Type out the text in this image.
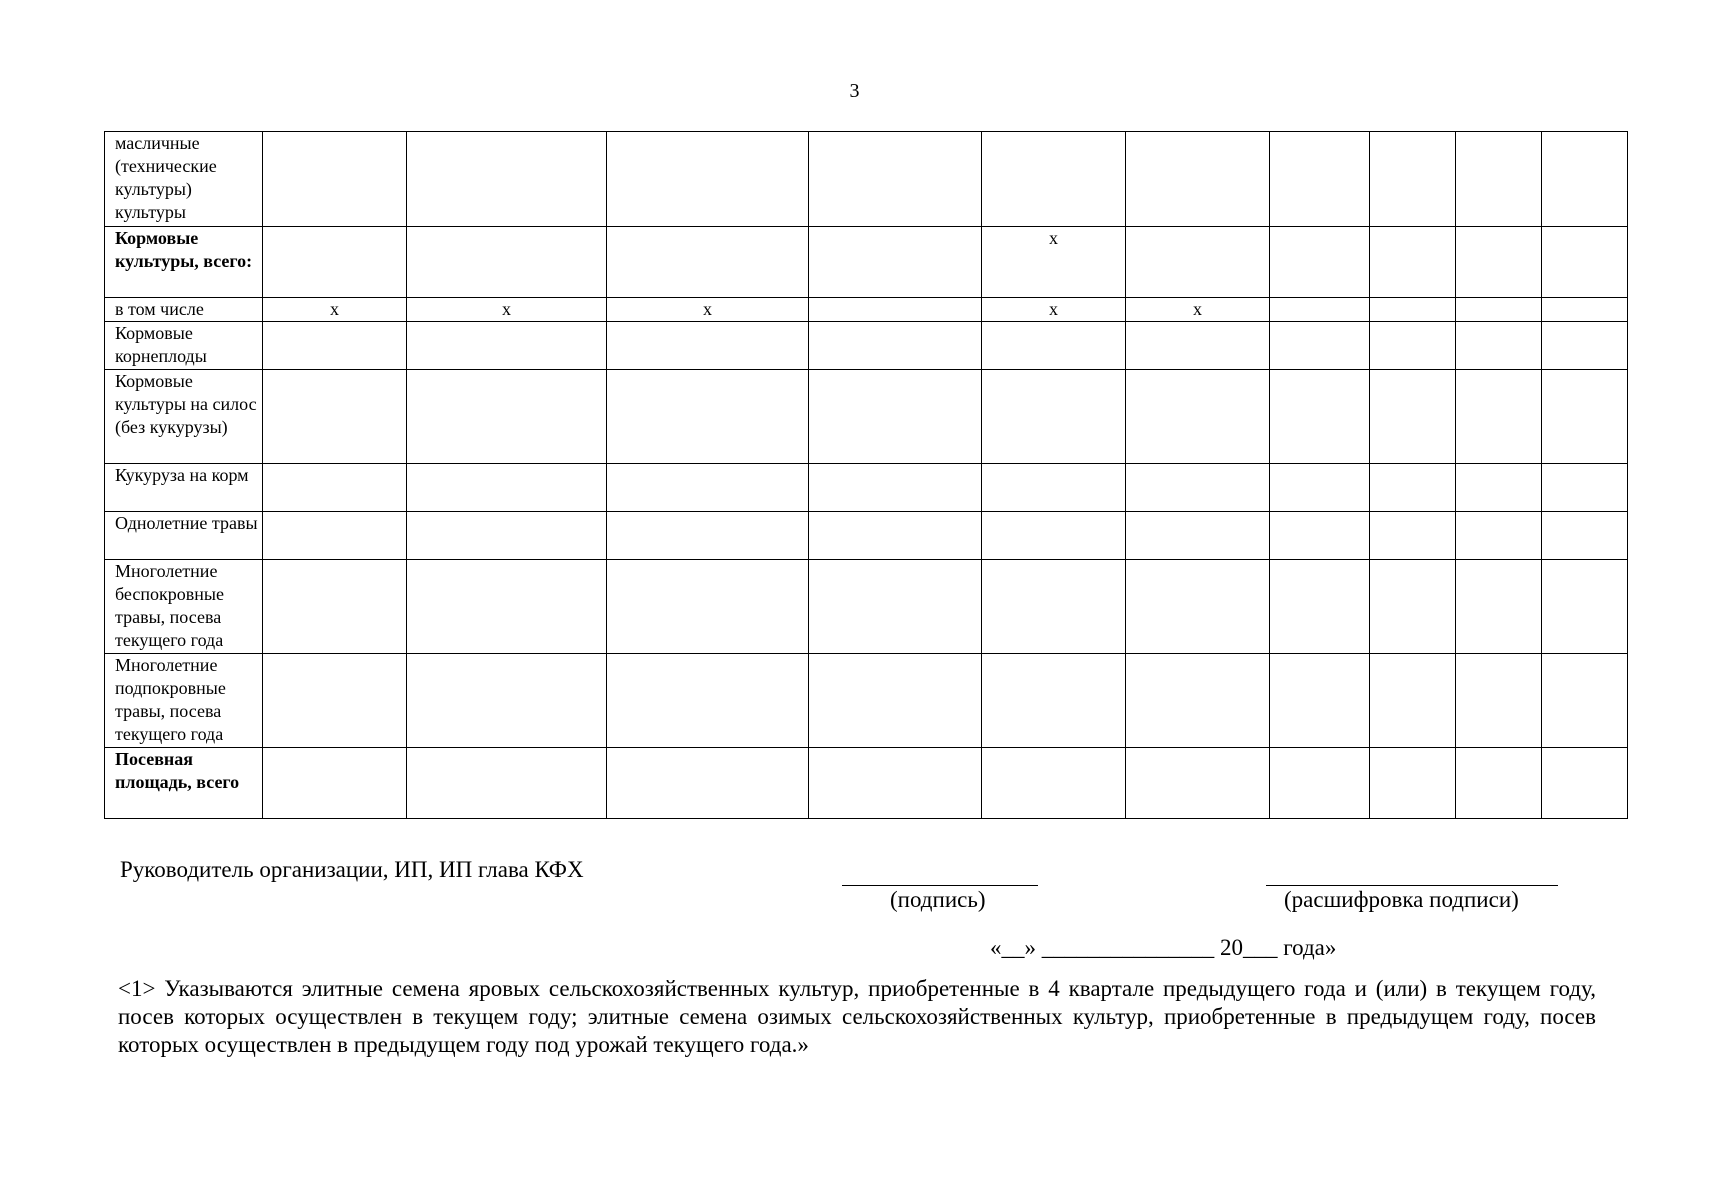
3
масличные (технические культуры) культуры										
Кормовые культуры, всего:					x					
в том числе	x	x	x		x	x				
Кормовые корнеплоды										
Кормовые культуры на силос (без кукурузы)										
Кукуруза на корм										
Однолетние травы										
Многолетние беспокровные травы, посева текущего года										
Многолетние подпокровные травы, посева текущего года										
Посевная площадь, всего										
Руководитель организации, ИП, ИП глава КФХ
(подпись)	(расшифровка подписи)
«__» _______________ 20___ года»
<1> Указываются элитные семена яровых сельскохозяйственных культур, приобретенные в 4 квартале предыдущего года и (или) в текущем году, посев которых осуществлен в текущем году; элитные семена озимых сельскохозяйственных культур, приобретенные в предыдущем году, посев которых осуществлен в предыдущем году под урожай текущего года.»
